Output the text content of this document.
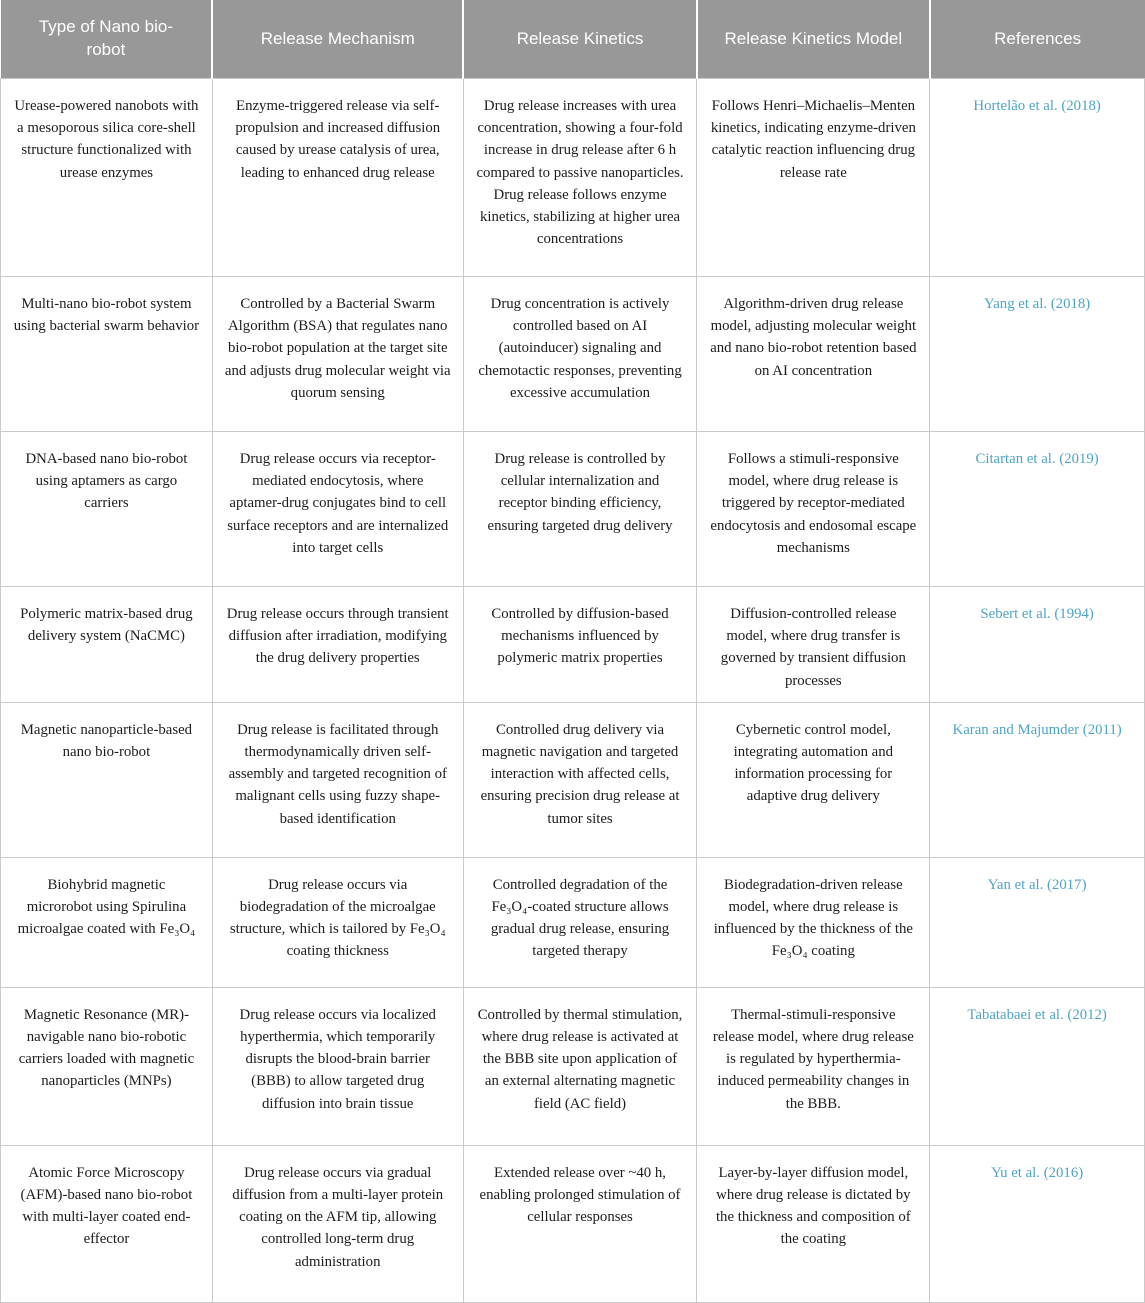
Type of Nano bio-robot	Release Mechanism	Release Kinetics	Release Kinetics Model	References
Urease-powered nanobots with a mesoporous silica core-shell structure functionalized with urease enzymes	Enzyme-triggered release via self-propulsion and increased diffusion caused by urease catalysis of urea, leading to enhanced drug release	Drug release increases with urea concentration, showing a four-fold increase in drug release after 6 h compared to passive nanoparticles. Drug release follows enzyme kinetics, stabilizing at higher urea concentrations	Follows Henri–Michaelis–Menten kinetics, indicating enzyme-driven catalytic reaction influencing drug release rate	Hortelão et al. (2018)
Multi-nano bio-robot system using bacterial swarm behavior	Controlled by a Bacterial Swarm Algorithm (BSA) that regulates nano bio-robot population at the target site and adjusts drug molecular weight via quorum sensing	Drug concentration is actively controlled based on AI (autoinducer) signaling and chemotactic responses, preventing excessive accumulation	Algorithm-driven drug release model, adjusting molecular weight and nano bio-robot retention based on AI concentration	Yang et al. (2018)
DNA-based nano bio-robot using aptamers as cargo carriers	Drug release occurs via receptor-mediated endocytosis, where aptamer-drug conjugates bind to cell surface receptors and are internalized into target cells	Drug release is controlled by cellular internalization and receptor binding efficiency, ensuring targeted drug delivery	Follows a stimuli-responsive model, where drug release is triggered by receptor-mediated endocytosis and endosomal escape mechanisms	Citartan et al. (2019)
Polymeric matrix-based drug delivery system (NaCMC)	Drug release occurs through transient diffusion after irradiation, modifying the drug delivery properties	Controlled by diffusion-based mechanisms influenced by polymeric matrix properties	Diffusion-controlled release model, where drug transfer is governed by transient diffusion processes	Sebert et al. (1994)
Magnetic nanoparticle-based nano bio-robot	Drug release is facilitated through thermodynamically driven self-assembly and targeted recognition of malignant cells using fuzzy shape-based identification	Controlled drug delivery via magnetic navigation and targeted interaction with affected cells, ensuring precision drug release at tumor sites	Cybernetic control model, integrating automation and information processing for adaptive drug delivery	Karan and Majumder (2011)
Biohybrid magnetic microrobot using Spirulina microalgae coated with Fe₃O₄	Drug release occurs via biodegradation of the microalgae structure, which is tailored by Fe₃O₄ coating thickness	Controlled degradation of the Fe₃O₄-coated structure allows gradual drug release, ensuring targeted therapy	Biodegradation-driven release model, where drug release is influenced by the thickness of the Fe₃O₄ coating	Yan et al. (2017)
Magnetic Resonance (MR)-navigable nano bio-robotic carriers loaded with magnetic nanoparticles (MNPs)	Drug release occurs via localized hyperthermia, which temporarily disrupts the blood-brain barrier (BBB) to allow targeted drug diffusion into brain tissue	Controlled by thermal stimulation, where drug release is activated at the BBB site upon application of an external alternating magnetic field (AC field)	Thermal-stimuli-responsive release model, where drug release is regulated by hyperthermia-induced permeability changes in the BBB.	Tabatabaei et al. (2012)
Atomic Force Microscopy (AFM)-based nano bio-robot with multi-layer coated end-effector	Drug release occurs via gradual diffusion from a multi-layer protein coating on the AFM tip, allowing controlled long-term drug administration	Extended release over ~40 h, enabling prolonged stimulation of cellular responses	Layer-by-layer diffusion model, where drug release is dictated by the thickness and composition of the coating	Yu et al. (2016)
